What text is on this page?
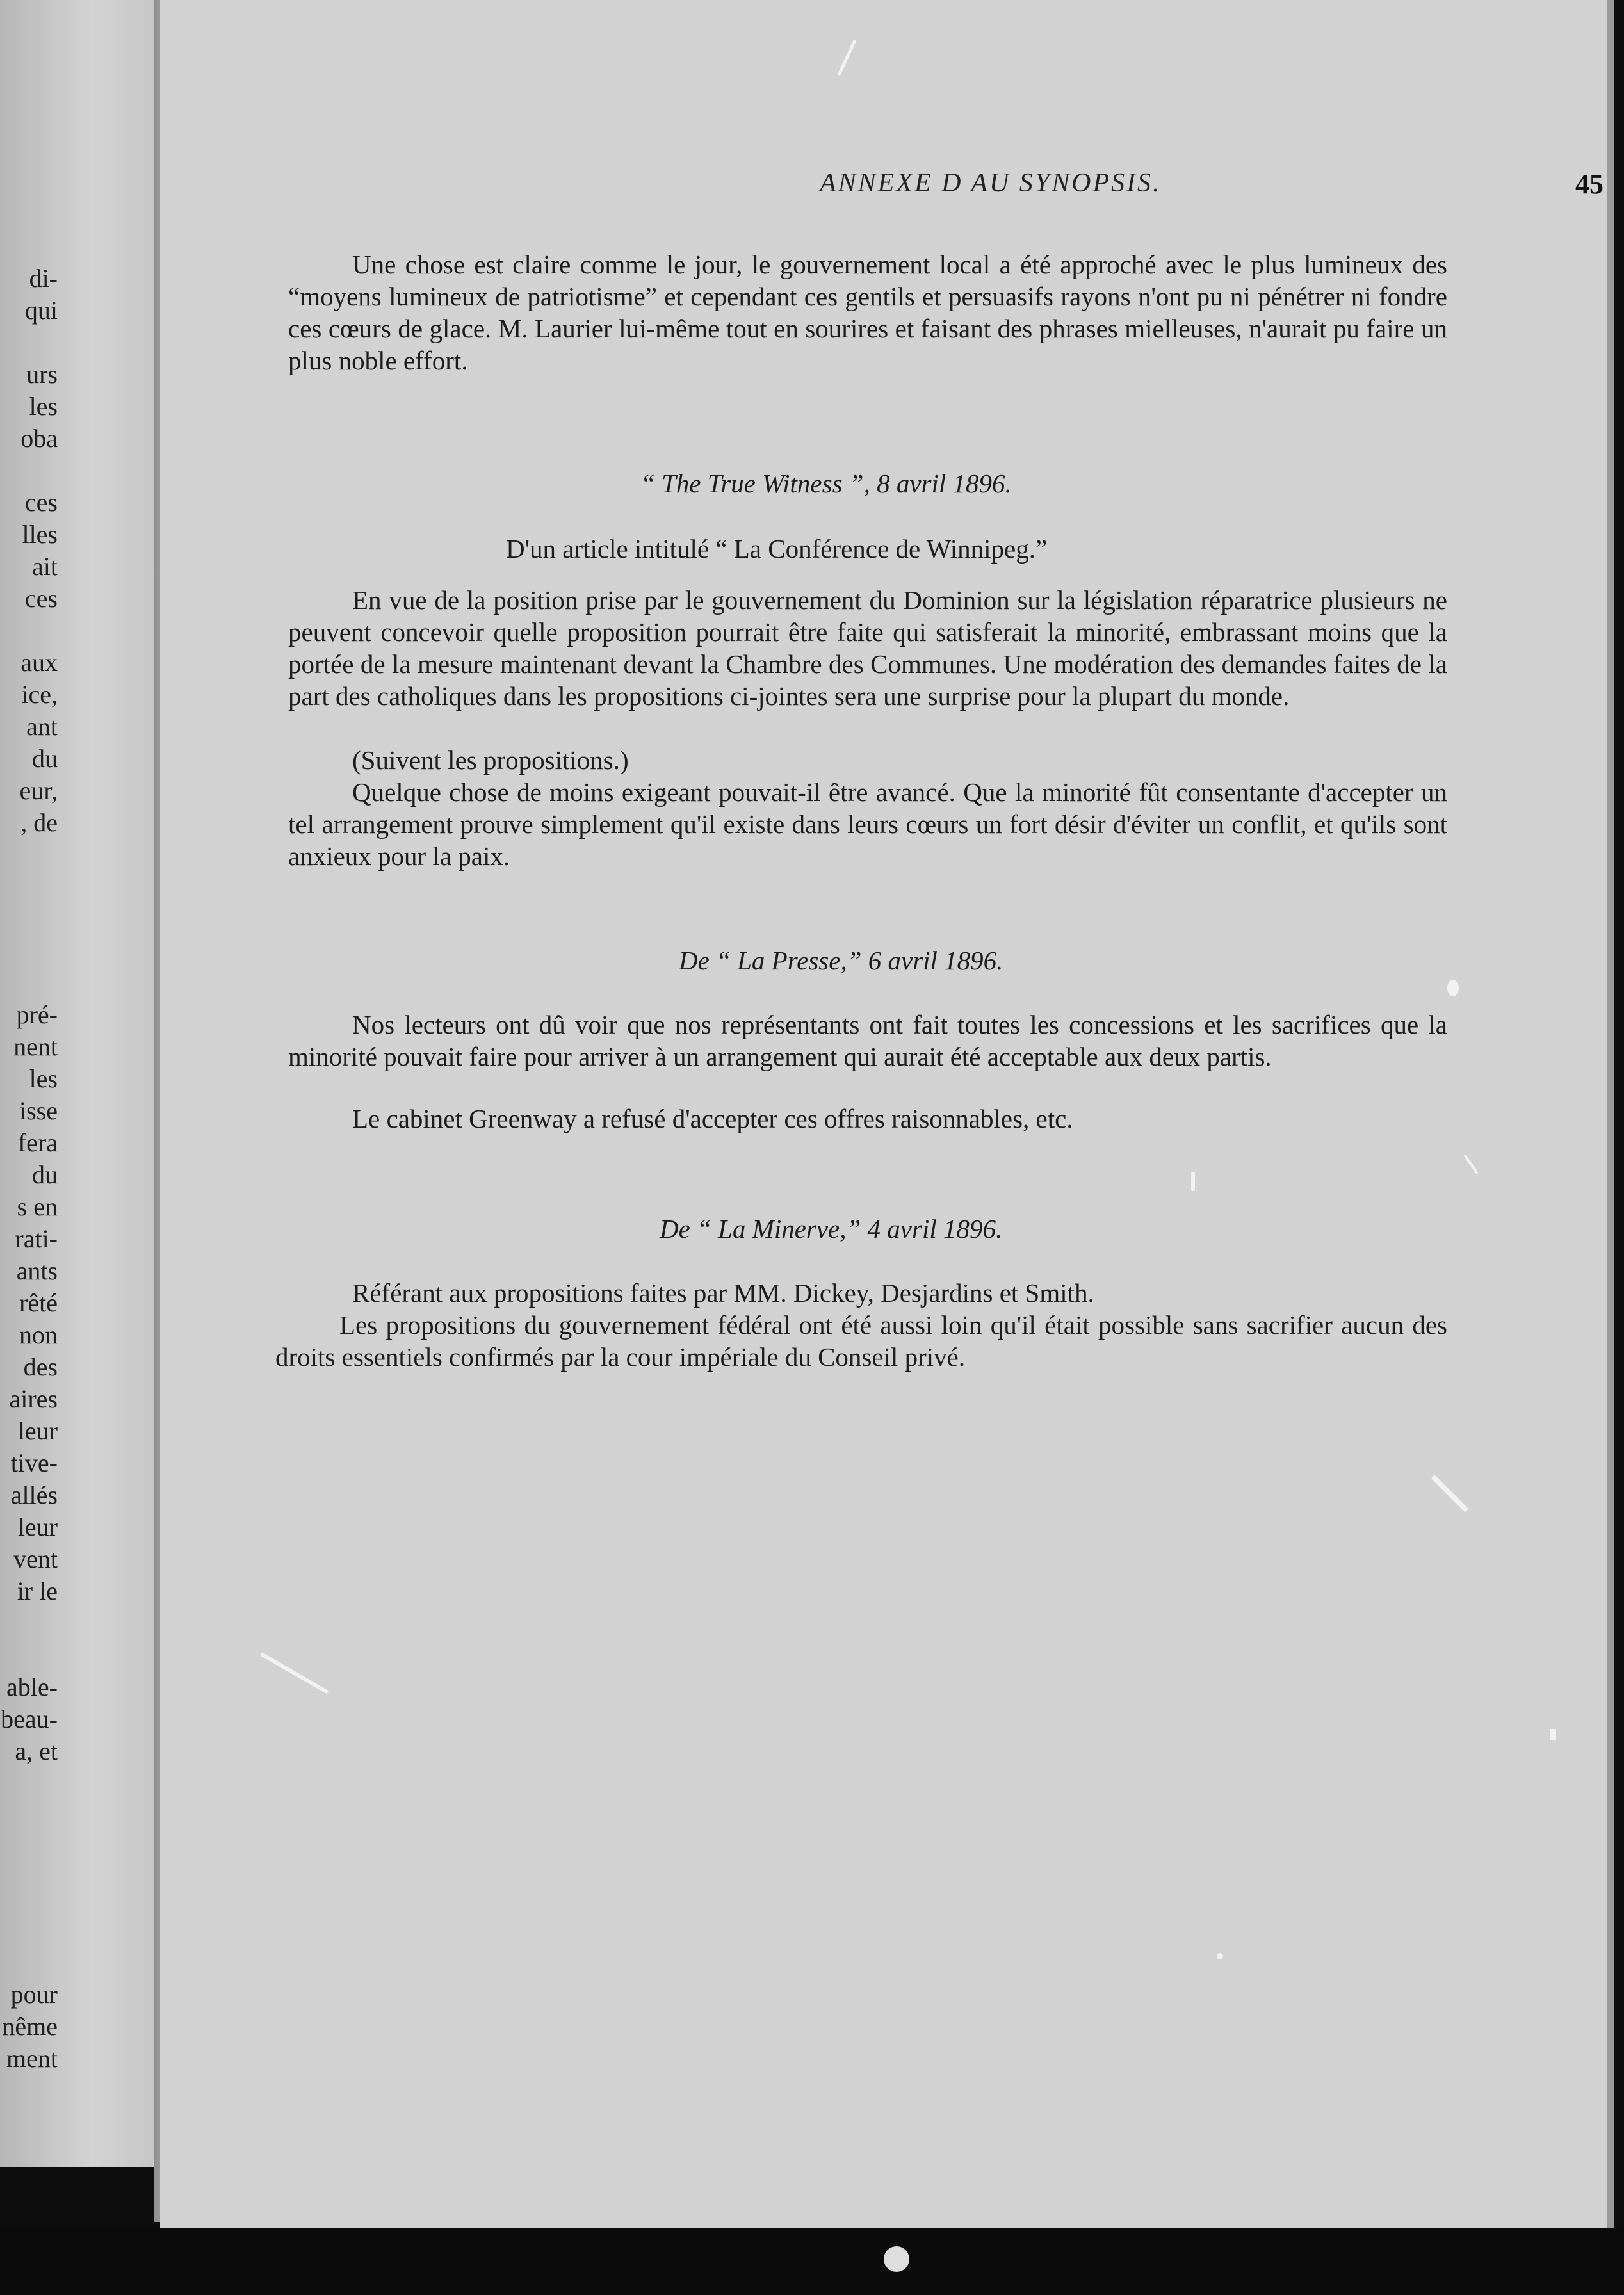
di-
qui
urs
les
oba
ces
lles
ait
ces
aux
ice,
ant
du
eur,
, de
pré-
nent
les
isse
fera
du
s en
rati-
ants
rêté
non
des
aires
leur
tive-
allés
leur
vent
ir le
able-
beau-
a, et
pour
nême
ment
ANNEXE D AU SYNOPSIS.	45
Une chose est claire comme le jour, le gouvernement local a été approché avec le plus lumineux des “moyens lumineux de patriotisme” et cependant ces gentils et persuasifs rayons n'ont pu ni pénétrer ni fondre ces cœurs de glace. M. Laurier lui-même tout en sourires et faisant des phrases mielleuses, n'aurait pu faire un plus noble effort.
“ The True Witness ”, 8 avril 1896.
D'un article intitulé “ La Conférence de Winnipeg.”
En vue de la position prise par le gouvernement du Dominion sur la législation réparatrice plusieurs ne peuvent concevoir quelle proposition pourrait être faite qui satisferait la minorité, embrassant moins que la portée de la mesure maintenant devant la Chambre des Communes. Une modération des demandes faites de la part des catholiques dans les propositions ci-jointes sera une surprise pour la plupart du monde.
(Suivent les propositions.)
Quelque chose de moins exigeant pouvait-il être avancé. Que la minorité fût consentante d'accepter un tel arrangement prouve simplement qu'il existe dans leurs cœurs un fort désir d'éviter un conflit, et qu'ils sont anxieux pour la paix.
De “ La Presse,” 6 avril 1896.
Nos lecteurs ont dû voir que nos représentants ont fait toutes les concessions et les sacrifices que la minorité pouvait faire pour arriver à un arrangement qui aurait été acceptable aux deux partis.
Le cabinet Greenway a refusé d'accepter ces offres raisonnables, etc.
De “ La Minerve,” 4 avril 1896.
Référant aux propositions faites par MM. Dickey, Desjardins et Smith.
Les propositions du gouvernement fédéral ont été aussi loin qu'il était possible sans sacrifier aucun des droits essentiels confirmés par la cour impériale du Conseil privé.
